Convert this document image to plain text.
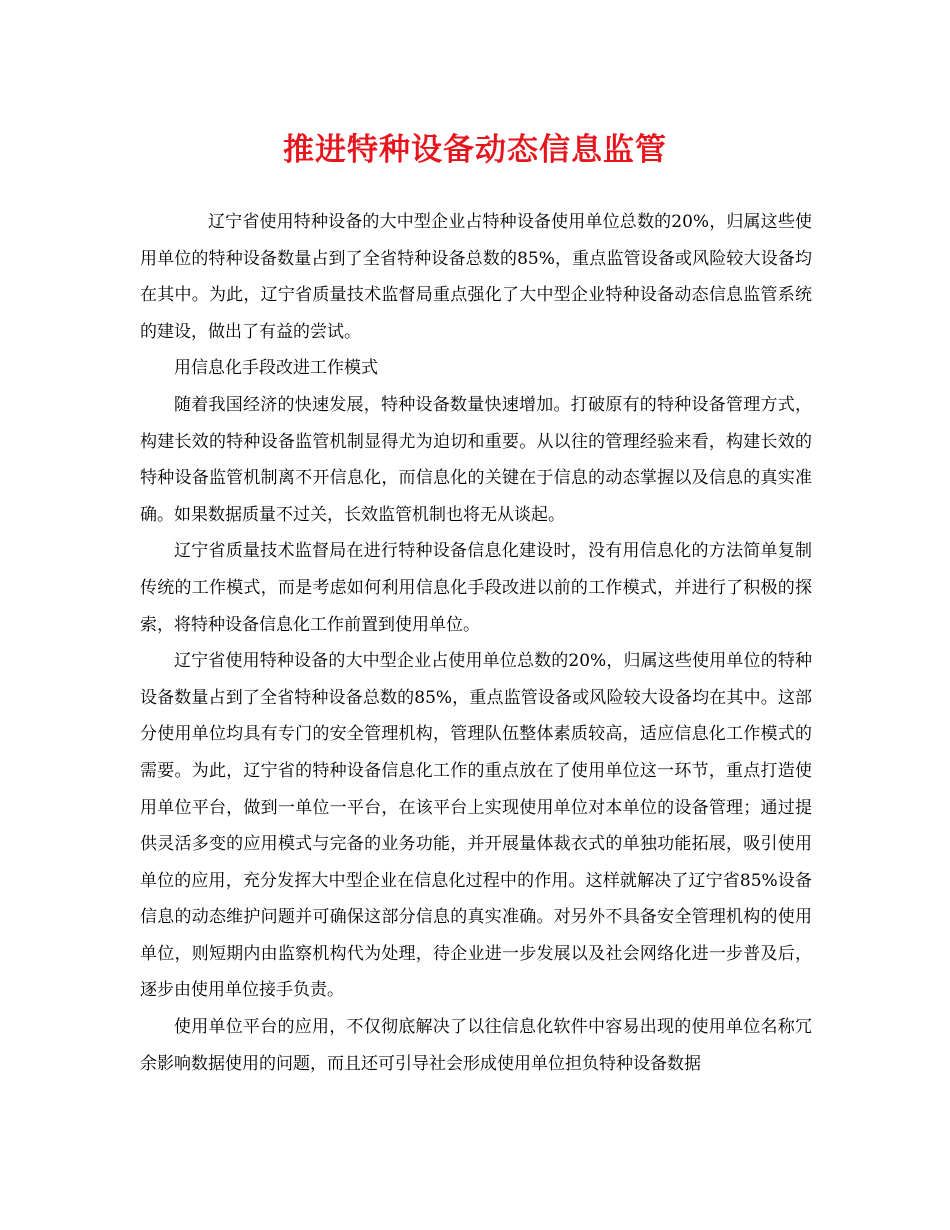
推进特种设备动态信息监管

辽宁省使用特种设备的大中型企业占特种设备使用单位总数的20%，归属这些使用单位的特种设备数量占到了全省特种设备总数的85%，重点监管设备或风险较大设备均在其中。为此，辽宁省质量技术监督局重点强化了大中型企业特种设备动态信息监管系统的建设，做出了有益的尝试。

用信息化手段改进工作模式

随着我国经济的快速发展，特种设备数量快速增加。打破原有的特种设备管理方式，构建长效的特种设备监管机制显得尤为迫切和重要。从以往的管理经验来看，构建长效的特种设备监管机制离不开信息化，而信息化的关键在于信息的动态掌握以及信息的真实准确。如果数据质量不过关，长效监管机制也将无从谈起。

辽宁省质量技术监督局在进行特种设备信息化建设时，没有用信息化的方法简单复制传统的工作模式，而是考虑如何利用信息化手段改进以前的工作模式，并进行了积极的探索，将特种设备信息化工作前置到使用单位。

辽宁省使用特种设备的大中型企业占使用单位总数的20%，归属这些使用单位的特种设备数量占到了全省特种设备总数的85%，重点监管设备或风险较大设备均在其中。这部分使用单位均具有专门的安全管理机构，管理队伍整体素质较高，适应信息化工作模式的需要。为此，辽宁省的特种设备信息化工作的重点放在了使用单位这一环节，重点打造使用单位平台，做到一单位一平台，在该平台上实现使用单位对本单位的设备管理；通过提供灵活多变的应用模式与完备的业务功能，并开展量体裁衣式的单独功能拓展，吸引使用单位的应用，充分发挥大中型企业在信息化过程中的作用。这样就解决了辽宁省85%设备信息的动态维护问题并可确保这部分信息的真实准确。对另外不具备安全管理机构的使用单位，则短期内由监察机构代为处理，待企业进一步发展以及社会网络化进一步普及后，逐步由使用单位接手负责。

使用单位平台的应用，不仅彻底解决了以往信息化软件中容易出现的使用单位名称冗余影响数据使用的问题，而且还可引导社会形成使用单位担负特种设备数据
